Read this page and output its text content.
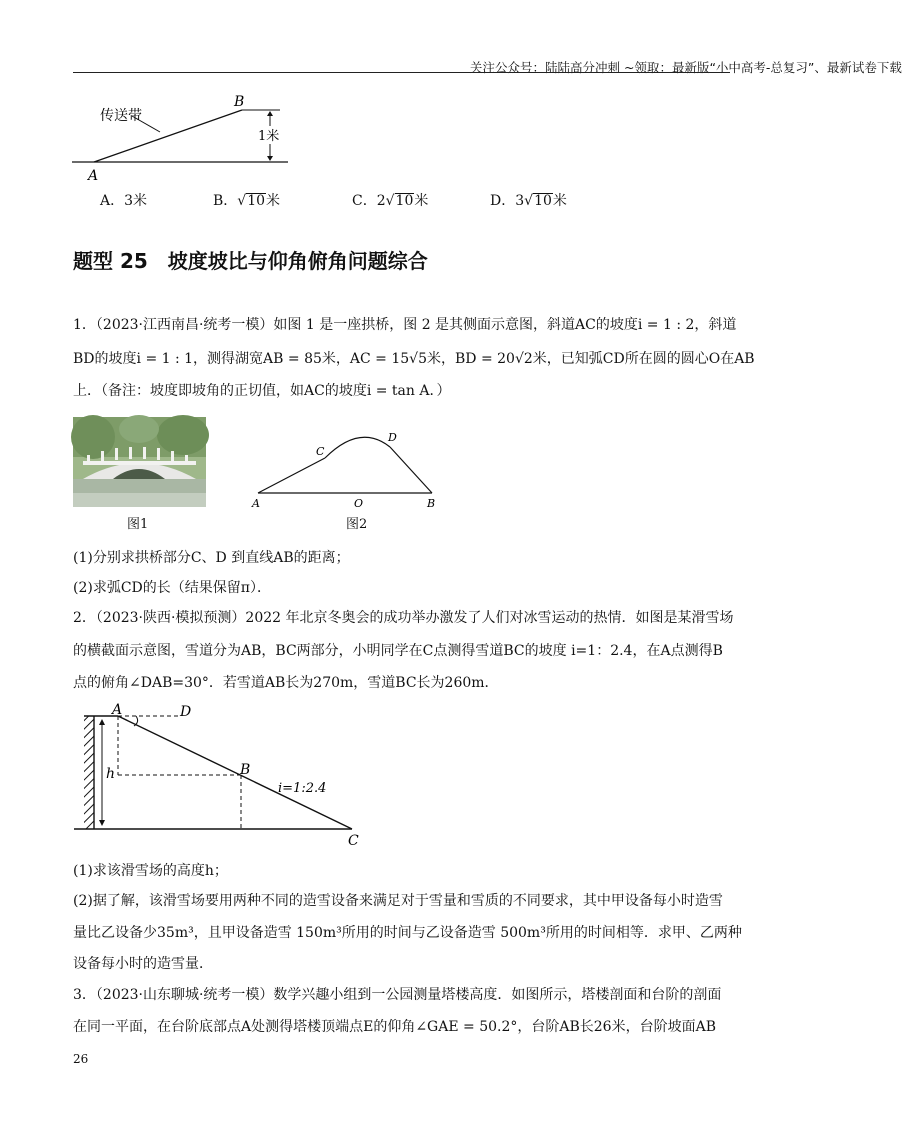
关注公众号：陆陆高分冲刺 ~领取：最新版“小中高考-总复习”、最新试卷下载
传送带
B
A
1米
A．3米	B．√10米	C．2√10米	D．3√10米
题型 25　坡度坡比与仰角俯角问题综合
1．（2023·江西南昌·统考一模）如图 1 是一座拱桥，图 2 是其侧面示意图，斜道AC的坡度i = 1 : 2，斜道
BD的坡度i = 1 : 1，测得湖宽AB = 85米，AC = 15√5米，BD = 20√2米，已知弧CD所在圆的圆心O在AB
上．（备注：坡度即坡角的正切值，如AC的坡度i = tan A．）
图1
A	O	B
C
D
图2
(1)分别求拱桥部分C、D 到直线AB的距离；
(2)求弧CD的长（结果保留π）．
2．（2023·陕西·模拟预测）2022 年北京冬奥会的成功举办激发了人们对冰雪运动的热情．如图是某滑雪场
的横截面示意图，雪道分为AB，BC两部分，小明同学在C点测得雪道BC的坡度 i=1：2.4，在A点测得B
点的俯角∠DAB=30°．若雪道AB长为270m，雪道BC长为260m．
A	D
B
h
C
i=1:2.4
(1)求该滑雪场的高度h；
(2)据了解，该滑雪场要用两种不同的造雪设备来满足对于雪量和雪质的不同要求，其中甲设备每小时造雪
量比乙设备少35m³，且甲设备造雪 150m³所用的时间与乙设备造雪 500m³所用的时间相等．求甲、乙两种
设备每小时的造雪量．
3．（2023·山东聊城·统考一模）数学兴趣小组到一公园测量塔楼高度．如图所示，塔楼剖面和台阶的剖面
在同一平面，在台阶底部点A处测得塔楼顶端点E的仰角∠GAE = 50.2°，台阶AB长26米，台阶坡面AB
26
